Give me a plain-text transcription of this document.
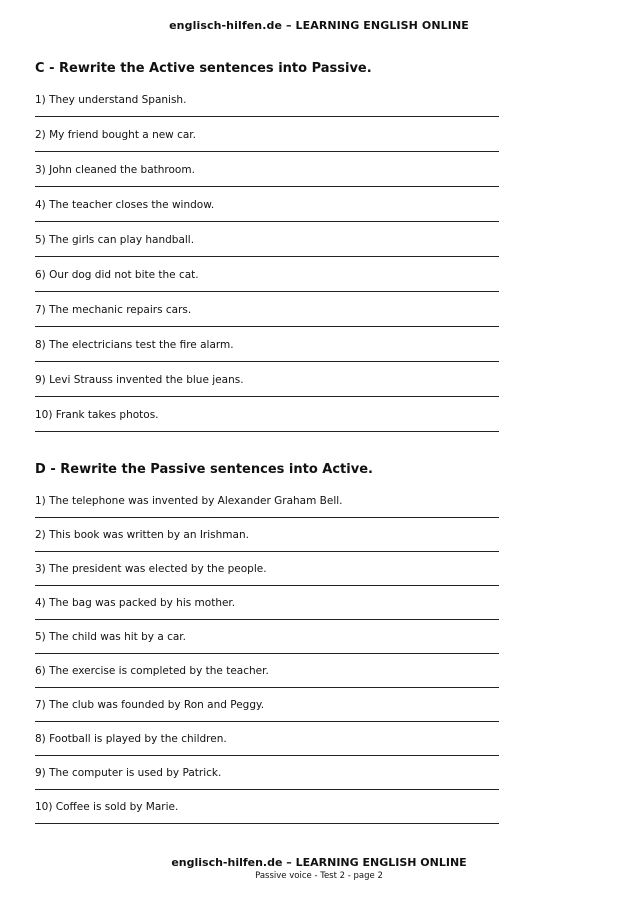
englisch-hilfen.de – LEARNING ENGLISH ONLINE
C - Rewrite the Active sentences into Passive.
1) They understand Spanish.
2) My friend bought a new car.
3) John cleaned the bathroom.
4) The teacher closes the window.
5) The girls can play handball.
6) Our dog did not bite the cat.
7) The mechanic repairs cars.
8) The electricians test the fire alarm.
9) Levi Strauss invented the blue jeans.
10) Frank takes photos.
D - Rewrite the Passive sentences into Active.
1) The telephone was invented by Alexander Graham Bell.
2) This book was written by an Irishman.
3) The president was elected by the people.
4) The bag was packed by his mother.
5) The child was hit by a car.
6) The exercise is completed by the teacher.
7) The club was founded by Ron and Peggy.
8) Football is played by the children.
9) The computer is used by Patrick.
10) Coffee is sold by Marie.
englisch-hilfen.de – LEARNING ENGLISH ONLINE
Passive voice - Test 2 - page 2
